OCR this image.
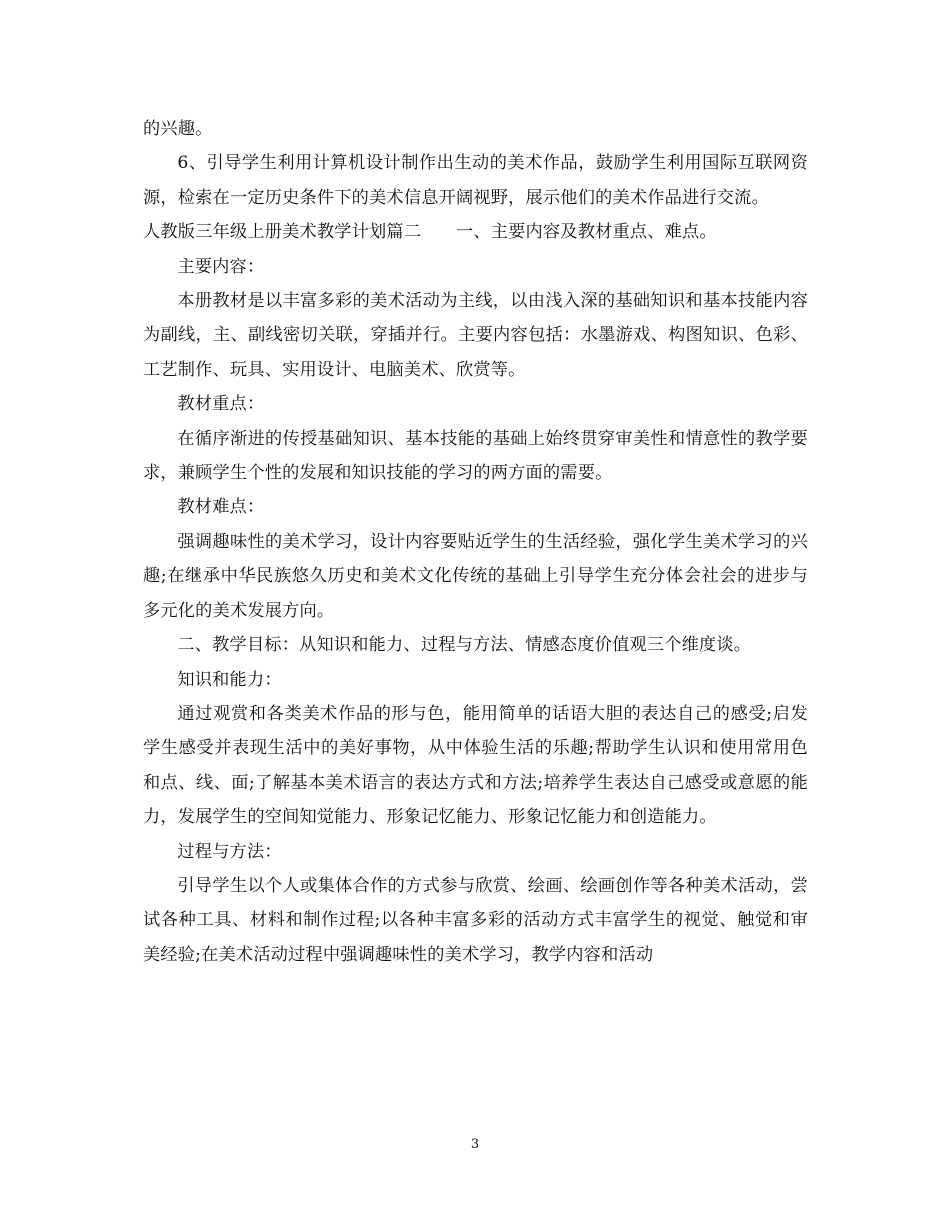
的兴趣。

6、引导学生利用计算机设计制作出生动的美术作品，鼓励学生利用国际互联网资源，检索在一定历史条件下的美术信息开阔视野，展示他们的美术作品进行交流。

人教版三年级上册美术教学计划篇二　　一、主要内容及教材重点、难点。

主要内容：

本册教材是以丰富多彩的美术活动为主线，以由浅入深的基础知识和基本技能内容为副线，主、副线密切关联，穿插并行。主要内容包括：水墨游戏、构图知识、色彩、工艺制作、玩具、实用设计、电脑美术、欣赏等。

教材重点：

在循序渐进的传授基础知识、基本技能的基础上始终贯穿审美性和情意性的教学要求，兼顾学生个性的发展和知识技能的学习的两方面的需要。

教材难点：

强调趣味性的美术学习，设计内容要贴近学生的生活经验，强化学生美术学习的兴趣;在继承中华民族悠久历史和美术文化传统的基础上引导学生充分体会社会的进步与多元化的美术发展方向。

二、教学目标：从知识和能力、过程与方法、情感态度价值观三个维度谈。

知识和能力：

通过观赏和各类美术作品的形与色，能用简单的话语大胆的表达自己的感受;启发学生感受并表现生活中的美好事物，从中体验生活的乐趣;帮助学生认识和使用常用色和点、线、面;了解基本美术语言的表达方式和方法;培养学生表达自己感受或意愿的能力，发展学生的空间知觉能力、形象记忆能力、形象记忆能力和创造能力。

过程与方法：

引导学生以个人或集体合作的方式参与欣赏、绘画、绘画创作等各种美术活动，尝试各种工具、材料和制作过程;以各种丰富多彩的活动方式丰富学生的视觉、触觉和审美经验;在美术活动过程中强调趣味性的美术学习，教学内容和活动

3
